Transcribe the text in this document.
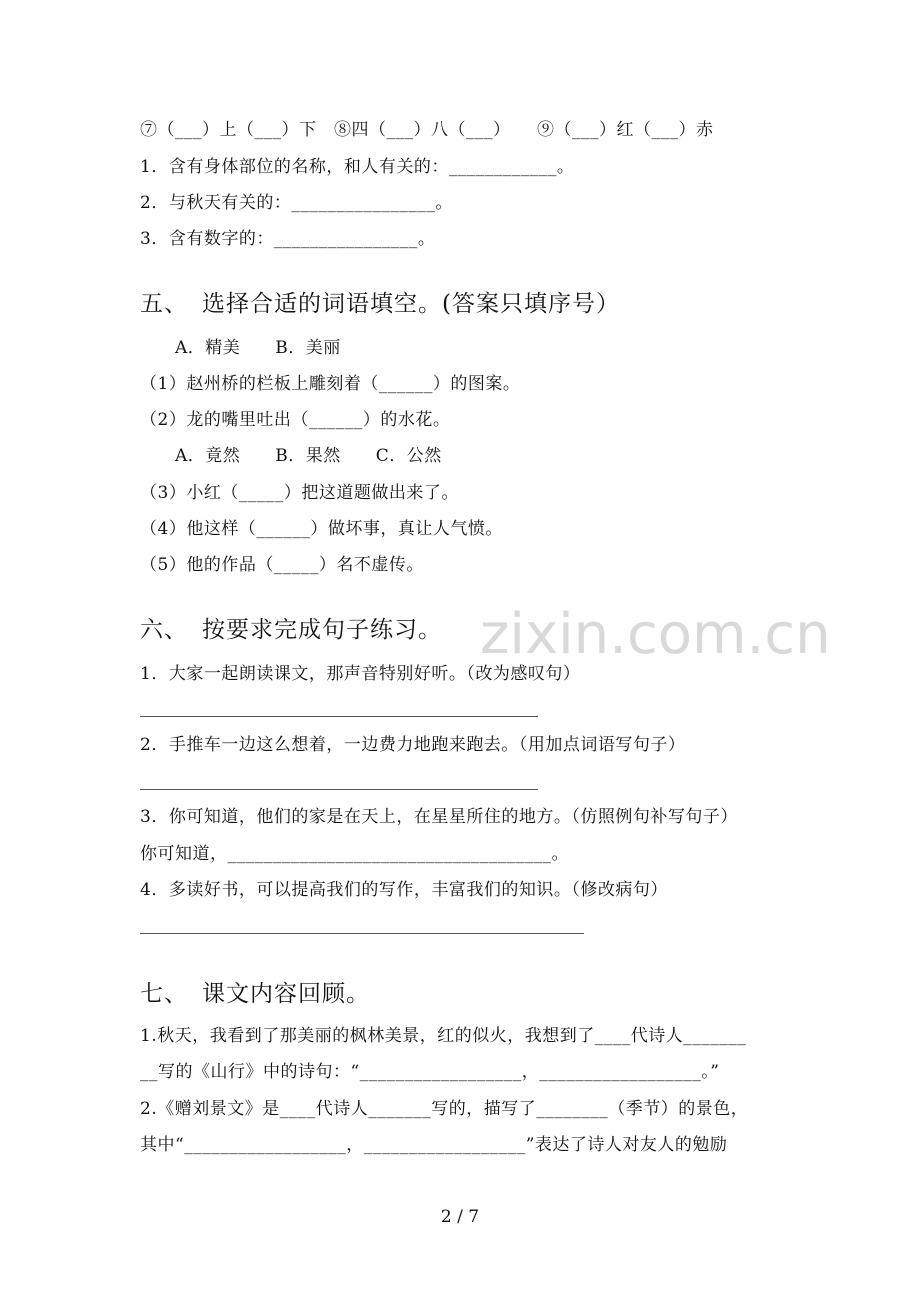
zixin.com.cn
⑦（___）上（___）下　⑧四（___）八（___）　　⑨（___）红（___）赤
1．含有身体部位的名称，和人有关的：____________。
2．与秋天有关的：________________。
3．含有数字的：________________。
五、 选择合适的词语填空。(答案只填序号）
A．精美　　B．美丽
（1）赵州桥的栏板上雕刻着（______）的图案。
（2）龙的嘴里吐出（______）的水花。
A．竟然　　B．果然　　C．公然
（3）小红（_____）把这道题做出来了。
（4）他这样（______）做坏事，真让人气愤。
（5）他的作品（_____）名不虚传。
六、 按要求完成句子练习。
1．大家一起朗读课文，那声音特别好听。（改为感叹句）
2．手推车一边这么想着，一边费力地跑来跑去。（用加点词语写句子）
3．你可知道，他们的家是在天上，在星星所住的地方。（仿照例句补写句子）
你可知道，____________________________________。
4．多读好书，可以提高我们的写作，丰富我们的知识。（修改病句）
七、 课文内容回顾。
1.秋天，我看到了那美丽的枫林美景，红的似火，我想到了____代诗人_______
__写的《山行》中的诗句：“__________________，__________________。”
2.《赠刘景文》是____代诗人_______写的，描写了________（季节）的景色，
其中“__________________，__________________”表达了诗人对友人的勉励
2 / 7
